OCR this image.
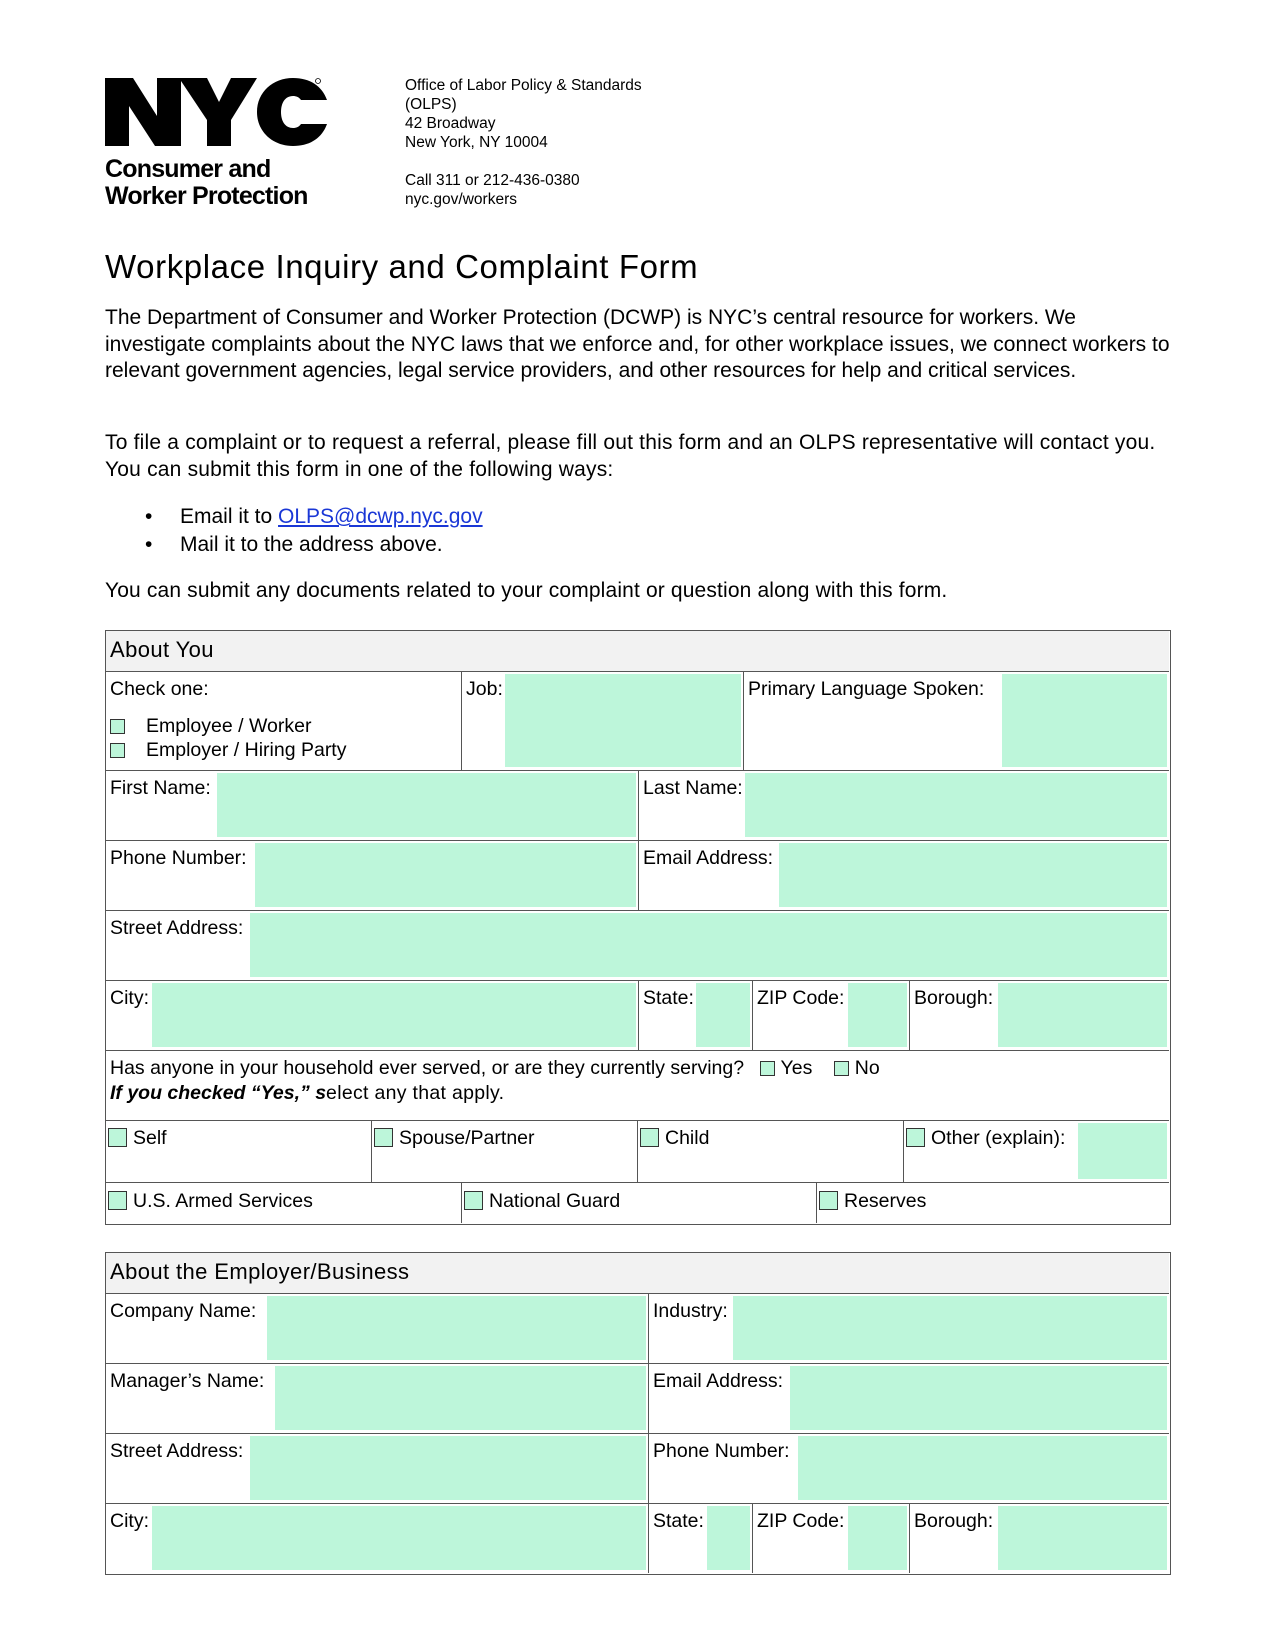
Consumer and
Worker Protection
Office of Labor Policy & Standards
(OLPS)
42 Broadway
New York, NY 10004
Call 311 or 212-436-0380
nyc.gov/workers
Workplace Inquiry and Complaint Form
The Department of Consumer and Worker Protection (DCWP) is NYC’s central resource for workers. We investigate complaints about the NYC laws that we enforce and, for other workplace issues, we connect workers to relevant government agencies, legal service providers, and other resources for help and critical services.
To file a complaint or to request a referral, please fill out this form and an OLPS representative will contact you. You can submit this form in one of the following ways:
• Email it to OLPS@dcwp.nyc.gov
• Mail it to the address above.
You can submit any documents related to your complaint or question along with this form.
About You
Check one:
Employee / Worker
Employer / Hiring Party
Job:	Primary Language Spoken:
First Name:	Last Name:
Phone Number:	Email Address:
Street Address:
City:	State:	ZIP Code:	Borough:
Has anyone in your household ever served, or are they currently serving? Yes No
If you checked “Yes,” select any that apply.
Self	Spouse/Partner	Child	Other (explain):
U.S. Armed Services	National Guard	Reserves
About the Employer/Business
Company Name:	Industry:
Manager’s Name:	Email Address:
Street Address:	Phone Number:
City:	State:	ZIP Code:	Borough:
